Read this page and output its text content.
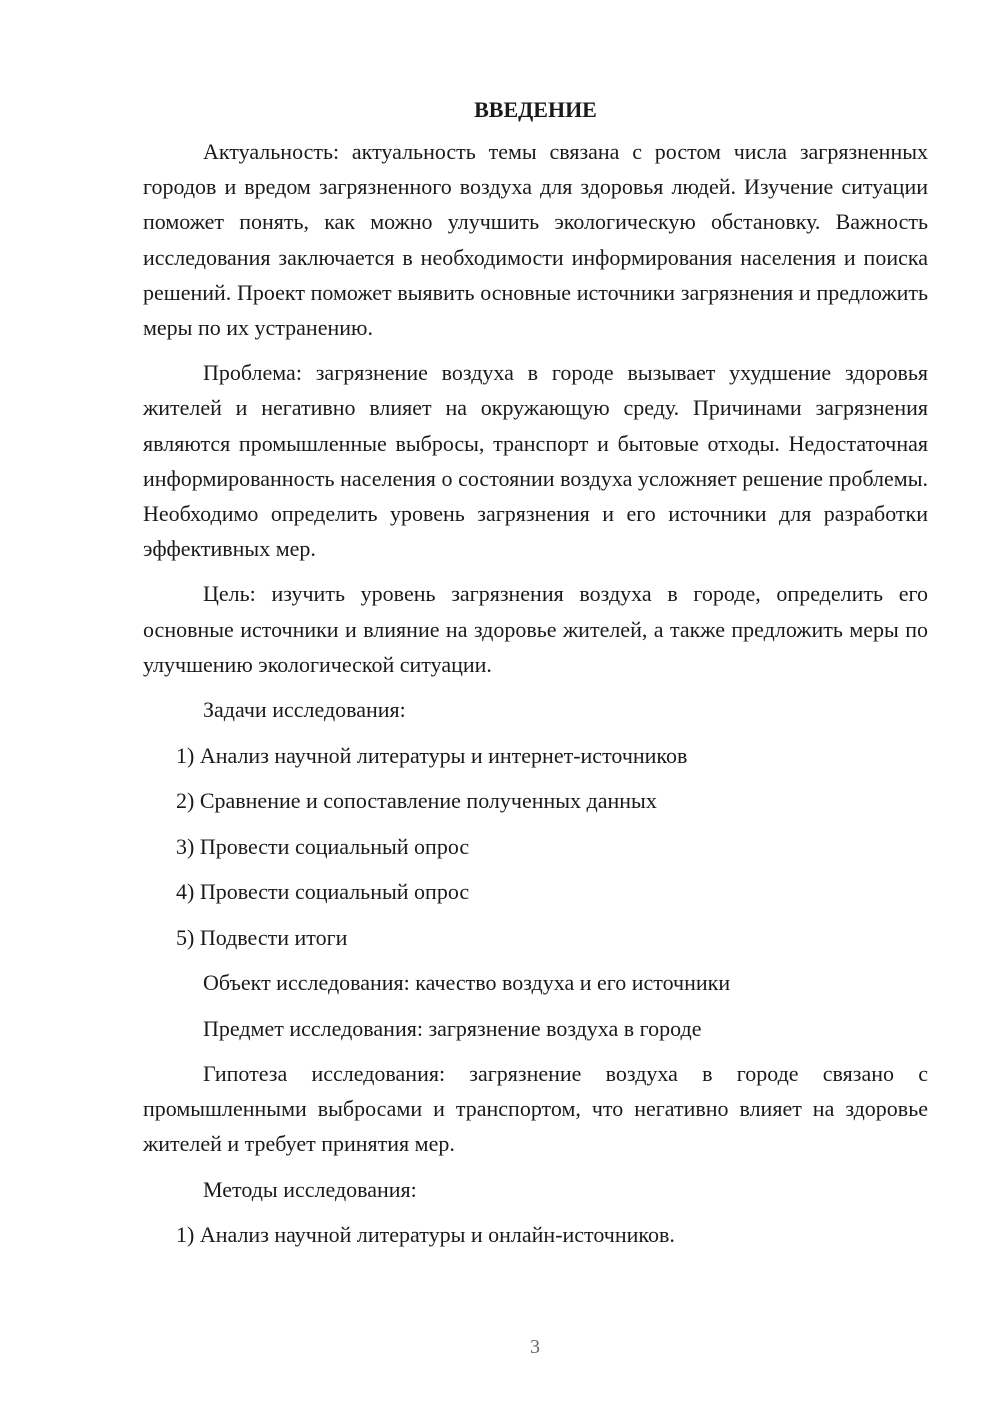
ВВЕДЕНИЕ

Актуальность: актуальность темы связана с ростом числа загрязненных городов и вредом загрязненного воздуха для здоровья людей. Изучение ситуации поможет понять, как можно улучшить экологическую обстановку. Важность исследования заключается в необходимости информирования населения и поиска решений. Проект поможет выявить основные источники загрязнения и предложить меры по их устранению.

Проблема: загрязнение воздуха в городе вызывает ухудшение здоровья жителей и негативно влияет на окружающую среду. Причинами загрязнения являются промышленные выбросы, транспорт и бытовые отходы. Недостаточная информированность населения о состоянии воздуха усложняет решение проблемы. Необходимо определить уровень загрязнения и его источники для разработки эффективных мер.

Цель: изучить уровень загрязнения воздуха в городе, определить его основные источники и влияние на здоровье жителей, а также предложить меры по улучшению экологической ситуации.

Задачи исследования:
1) Анализ научной литературы и интернет-источников
2) Сравнение и сопоставление полученных данных
3) Провести социальный опрос
4) Провести социальный опрос
5) Подвести итоги
Объект исследования: качество воздуха и его источники
Предмет исследования: загрязнение воздуха в городе

Гипотеза исследования: загрязнение воздуха в городе связано с промышленными выбросами и транспортом, что негативно влияет на здоровье жителей и требует принятия мер.

Методы исследования:
1) Анализ научной литературы и онлайн-источников.
3
